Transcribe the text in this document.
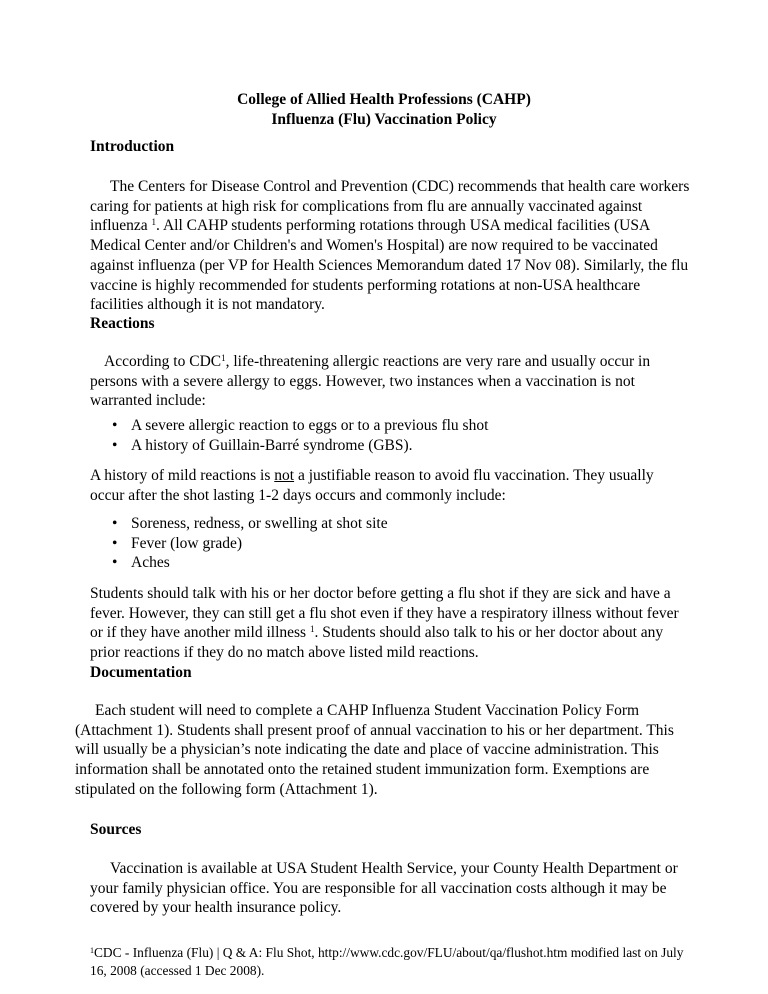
College of Allied Health Professions (CAHP)
Influenza (Flu) Vaccination Policy

Introduction

The Centers for Disease Control and Prevention (CDC) recommends that health care workers caring for patients at high risk for complications from flu are annually vaccinated against influenza $^1$. All CAHP students performing rotations through USA medical facilities (USA Medical Center and/or Children's and Women's Hospital) are now required to be vaccinated against influenza (per VP for Health Sciences Memorandum dated 17 Nov 08). Similarly, the flu vaccine is highly recommended for students performing rotations at non-USA healthcare facilities although it is not mandatory.

Reactions

According to CDC$^1$, life-threatening allergic reactions are very rare and usually occur in persons with a severe allergy to eggs. However, two instances when a vaccination is not warranted include:

• A severe allergic reaction to eggs or to a previous flu shot
• A history of Guillain-Barré syndrome (GBS).

A history of mild reactions is not a justifiable reason to avoid flu vaccination. They usually occur after the shot lasting 1-2 days occurs and commonly include:

• Soreness, redness, or swelling at shot site
• Fever (low grade)
• Aches

Students should talk with his or her doctor before getting a flu shot if they are sick and have a fever. However, they can still get a flu shot even if they have a respiratory illness without fever or if they have another mild illness $^1$. Students should also talk to his or her doctor about any prior reactions if they do no match above listed mild reactions.

Documentation

Each student will need to complete a CAHP Influenza Student Vaccination Policy Form (Attachment 1). Students shall present proof of annual vaccination to his or her department. This will usually be a physician’s note indicating the date and place of vaccine administration. This information shall be annotated onto the retained student immunization form. Exemptions are stipulated on the following form (Attachment 1).

Sources

Vaccination is available at USA Student Health Service, your County Health Department or your family physician office. You are responsible for all vaccination costs although it may be covered by your health insurance policy.

$^1$CDC - Influenza (Flu) | Q & A: Flu Shot, http://www.cdc.gov/FLU/about/qa/flushot.htm modified last on July 16, 2008 (accessed 1 Dec 2008).
